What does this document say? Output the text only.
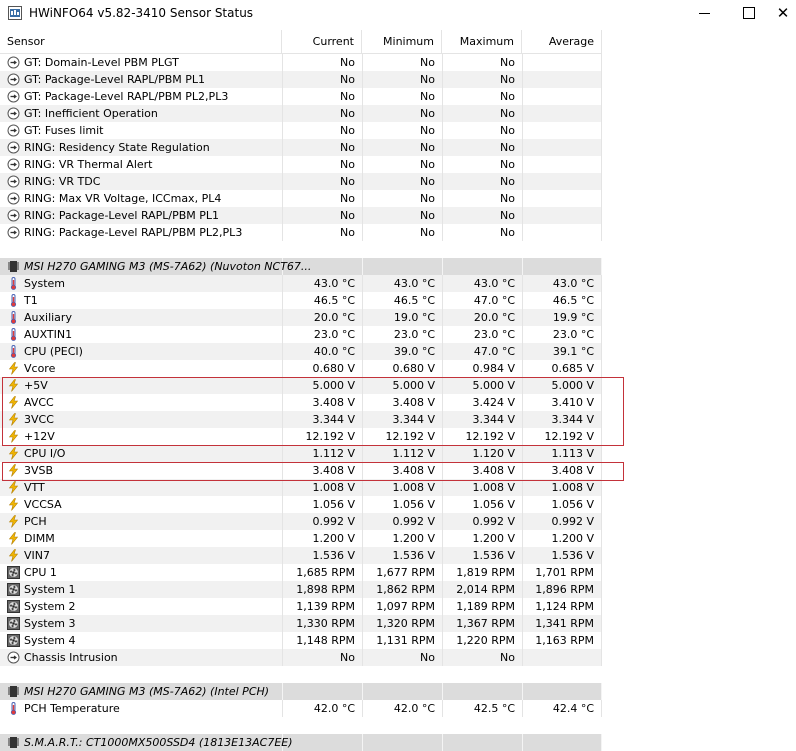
HWiNFO64 v5.82-3410 Sensor Status	✕
Sensor	Current	Minimum	Maximum	Average
GT: Domain-Level PBM PLGT	No	No	No
GT: Package-Level RAPL/PBM PL1	No	No	No
GT: Package-Level RAPL/PBM PL2,PL3	No	No	No
GT: Inefficient Operation	No	No	No
GT: Fuses limit	No	No	No
RING: Residency State Regulation	No	No	No
RING: VR Thermal Alert	No	No	No
RING: VR TDC	No	No	No
RING: Max VR Voltage, ICCmax, PL4	No	No	No
RING: Package-Level RAPL/PBM PL1	No	No	No
RING: Package-Level RAPL/PBM PL2,PL3	No	No	No
MSI H270 GAMING M3 (MS-7A62) (Nuvoton NCT67...
System	43.0 °C	43.0 °C	43.0 °C	43.0 °C
T1	46.5 °C	46.5 °C	47.0 °C	46.5 °C
Auxiliary	20.0 °C	19.0 °C	20.0 °C	19.9 °C
AUXTIN1	23.0 °C	23.0 °C	23.0 °C	23.0 °C
CPU (PECI)	40.0 °C	39.0 °C	47.0 °C	39.1 °C
Vcore	0.680 V	0.680 V	0.984 V	0.685 V
+5V	5.000 V	5.000 V	5.000 V	5.000 V
AVCC	3.408 V	3.408 V	3.424 V	3.410 V
3VCC	3.344 V	3.344 V	3.344 V	3.344 V
+12V	12.192 V	12.192 V	12.192 V	12.192 V
CPU I/O	1.112 V	1.112 V	1.120 V	1.113 V
3VSB	3.408 V	3.408 V	3.408 V	3.408 V
VTT	1.008 V	1.008 V	1.008 V	1.008 V
VCCSA	1.056 V	1.056 V	1.056 V	1.056 V
PCH	0.992 V	0.992 V	0.992 V	0.992 V
DIMM	1.200 V	1.200 V	1.200 V	1.200 V
VIN7	1.536 V	1.536 V	1.536 V	1.536 V
CPU 1	1,685 RPM	1,677 RPM	1,819 RPM	1,701 RPM
System 1	1,898 RPM	1,862 RPM	2,014 RPM	1,896 RPM
System 2	1,139 RPM	1,097 RPM	1,189 RPM	1,124 RPM
System 3	1,330 RPM	1,320 RPM	1,367 RPM	1,341 RPM
System 4	1,148 RPM	1,131 RPM	1,220 RPM	1,163 RPM
Chassis Intrusion	No	No	No
MSI H270 GAMING M3 (MS-7A62) (Intel PCH)
PCH Temperature	42.0 °C	42.0 °C	42.5 °C	42.4 °C
S.M.A.R.T.: CT1000MX500SSD4 (1813E13AC7EE)
